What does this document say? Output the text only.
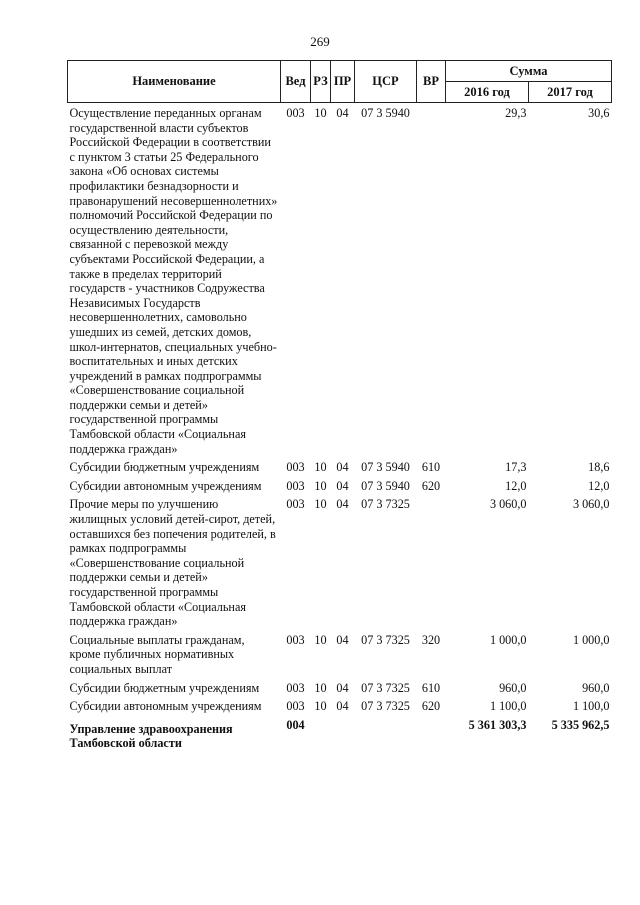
269
Наименование	Вед	РЗ	ПР	ЦСР	ВР	Сумма	
						2016 год	2017 год
Осуществление переданных органам государственной власти субъектов Российской Федерации в соответствии с пунктом 3 статьи 25 Федерального закона «Об основах системы профилактики безнадзорности и правонарушений несовершеннолетних» полномочий Российской Федерации по осуществлению деятельности, связанной с перевозкой между субъектами Российской Федерации, а также в пределах территорий государств - участников Содружества Независимых Государств несовершеннолетних, самовольно ушедших из семей, детских домов, школ-интернатов, специальных учебно-воспитательных и иных детских учреждений в рамках подпрограммы «Совершенствование социальной поддержки семьи и детей» государственной программы Тамбовской области «Социальная поддержка граждан»	003	10	04	07 3 5940		29,3	30,6
Субсидии бюджетным учреждениям	003	10	04	07 3 5940	610	17,3	18,6
Субсидии автономным учреждениям	003	10	04	07 3 5940	620	12,0	12,0
Прочие меры по улучшению жилищных условий детей-сирот, детей, оставшихся без попечения родителей, в рамках подпрограммы «Совершенствование социальной поддержки семьи и детей» государственной программы Тамбовской области «Социальная поддержка граждан»	003	10	04	07 3 7325		3 060,0	3 060,0
Социальные выплаты гражданам, кроме публичных нормативных социальных выплат	003	10	04	07 3 7325	320	1 000,0	1 000,0
Субсидии бюджетным учреждениям	003	10	04	07 3 7325	610	960,0	960,0
Субсидии автономным учреждениям	003	10	04	07 3 7325	620	1 100,0	1 100,0
Управление здравоохранения Тамбовской области	004					5 361 303,3	5 335 962,5
